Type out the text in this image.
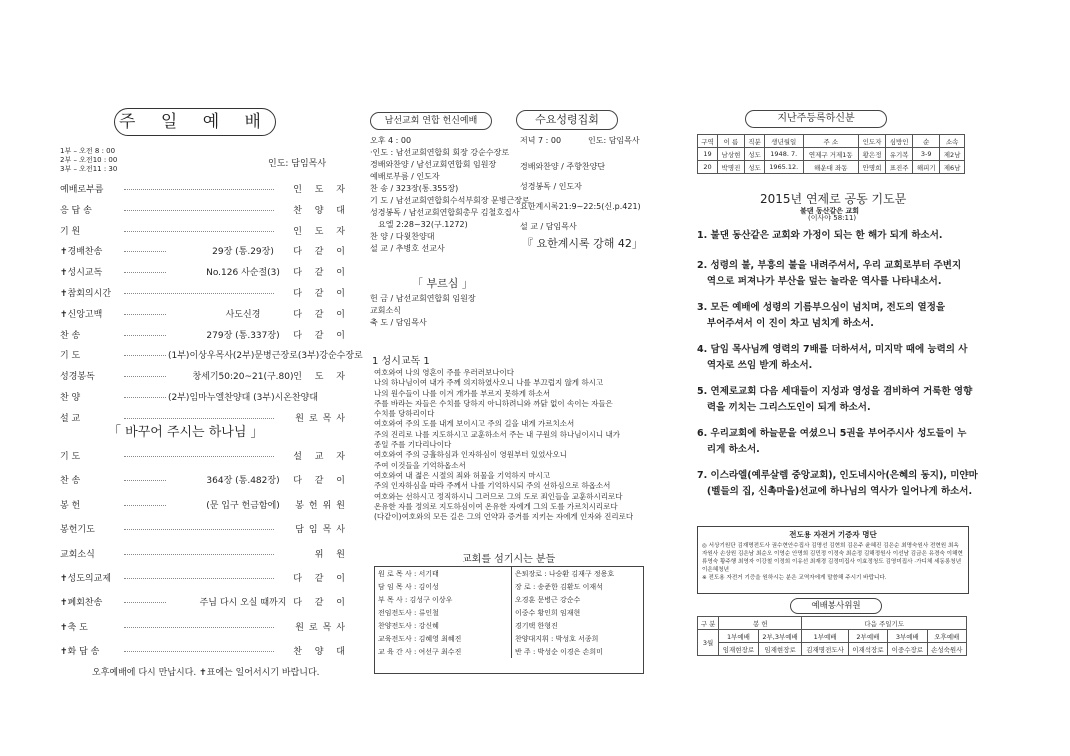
주 일 예 배
1부 – 오전 8 : 00
2부 – 오전10 : 00
3부 – 오전11 : 30	인도: 담임목사
예배로부름	인 도 자
응 답 송	찬 양 대
기 원	인 도 자
✝경배찬송	29장 (통.29장)	다 같 이
✝성시교독	No.126 사순절(3)	다 같 이
✝참회의시간	다 같 이
✝신앙고백	사도신경	다 같 이
찬 송	279장 (통.337장)	다 같 이
기 도	(1부)이상우목사(2부)문병근장로(3부)강순수장로
성경봉독	창세기50:20~21(구.80) 인 도 자
찬 양	(2부)임마누엘찬양대 (3부)시온찬양대
설 교	원로목사
「 바꾸어 주시는 하나님 」
기 도	설 교 자
찬 송	364장 (통.482장)	다 같 이
봉 헌	(문 입구 헌금함에)	봉헌위원
봉헌기도	담임목사
교회소식	위 원
✝성도의교제	다 같 이
✝폐회찬송	주님 다시 오실 때까지 다 같 이
✝축 도	원로목사
✝화 답 송	찬 양 대
오후예배에 다시 만납시다. ✝표에는 일어서시기 바랍니다.
남선교회 연합 헌신예배	수요성령집회
오후 4 : 00
·인도 : 남선교회연합회 회장 강순수장로
경배와찬양 / 남선교회연합회 임원장
예배로부름 / 인도자
찬 송 / 323장(통.355장)
기 도 / 남선교회연합회수석부회장 문병근장로
성경봉독 / 남선교회연합회총무 김철호집사
요엘 2:28~32(구.1272)
찬 양 / 다윗찬양대
설 교 / 추병호 선교사
「 부르심 」
헌 금 / 남선교회연합회 임원장
교회소식
축 도 / 담임목사
저녁 7 : 00	인도: 담임목사
경배와찬양 / 주향찬양단
성경봉독 / 인도자
요한계시록21:9~22:5(신.p.421)
설 교 / 담임목사
『 요한계시록 강해 42」
1 성시교독 1
여호와여 나의 영혼이 주를 우러러보나이다
나의 하나님이여 내가 주께 의지하였사오니 나를 부끄럽지 않게 하시고
나의 원수들이 나를 이겨 개가를 부르지 못하게 하소서
주를 바라는 자들은 수치를 당하지 아니하려니와 까닭 없이 속이는 자들은
수치를 당하리이다
여호와여 주의 도를 내게 보이시고 주의 길을 내게 가르치소서
주의 진리로 나를 지도하시고 교훈하소서 주는 내 구원의 하나님이시니 내가
종일 주를 기다리나이다
여호와여 주의 긍휼하심과 인자하심이 영원부터 있었사오니
주여 이것들을 기억하옵소서
여호와여 내 젊은 시절의 죄와 허물을 기억하지 마시고
주의 인자하심을 따라 주께서 나를 기억하시되 주의 선하심으로 하옵소서
여호와는 선하시고 정직하시니 그러므로 그의 도로 죄인들을 교훈하시리로다
온유한 자를 정의로 지도하심이여 온유한 자에게 그의 도를 가르치시리로다
(다같이)여호와의 모든 길은 그의 언약과 증거를 지키는 자에게 인자와 진리로다
교회를 섬기시는 분들
원 로 목 사 : 서기태	은퇴장로 : 나승환 김재구 정용호
담 임 목 사 : 김이성	장 로 : 송준한 김환도 이재석
부 목 사 : 김성구 이상우	오경훈 문병근 강순수
전임전도사 : 류인철	이중수 황인희 임재현
찬양전도사 : 강신혜	경기택 한형진
교육전도사 : 김혜영 최혜진	찬양대지휘 : 박성호 서종희
교 육 간 사 : 여선구 최수진	반 주 : 박성순 이경은 손희미
지난주등록하신분
구역	이 름	직분	생년월일	주 소	인도자	심방인	순	소속
19	남상현	성도	1948. 7.	연제구 거제1동	황은정	유기복	3-9	제2남
20	박명진	성도	1965.12.	해운대 좌동	안명희	표진주	해피기	제6남
2015년 연제로 공동 기도문
불댄 동산같은 교회
(이사야 58:11)
1. 불댄 동산같은 교회와 가정이 되는 한 해가 되게 하소서.
2. 성령의 불, 부흥의 불을 내려주셔서, 우리 교회로부터 주변지
역으로 퍼져나가 부산을 덮는 놀라운 역사를 나타내소서.
3. 모든 예배에 성령의 기름부으심이 넘치며, 전도의 열정을
부어주셔서 이 진이 차고 넘치게 하소서.
4. 담임 목사님께 영력의 7배를 더하셔서, 미지막 때에 능력의 사
역자로 쓰임 받게 하소서.
5. 연제로교회 다음 세대들이 지성과 영성을 겸비하여 거룩한 영향
력을 끼치는 그리스도인이 되게 하소서.
6. 우리교회에 하늘문을 여셨으니 5권을 부어주시사 성도들이 누
리게 하소서.
7. 이스라엘(예루살렘 중앙교회), 인도네시아(은혜의 동지), 미얀마
(벨들의 집, 신촉마을)선교에 하나님의 역사가 일어나게 하소서.
전도용 자전거 기증자 명단
◎ 서상기원단 김재명전도사 권수현안수집사 김명선 김현희 김은주 윤혜진 김은순 최명숙원사 전현원 최옥자원사 손상원 김은남 최순오 이영순 안명희 김민정 이정숙 최순정 김해정원사 이선남 김금은 유경숙 이해현 류영숙 황주행 최영자 이강철 이정희 이유선 최재경 김정미집사 이효정청도 김영미집사 ·가디체 세동롱청년 이은혜청년
※ 전도용 자전거 기증을 원하시는 분은 교역자에게 말씀해 주시기 바랍니다.
예배봉사위원
구 분	봉 헌		다음 주일기도			
3월	1부예배	2부,3부예배	1부예배	2부예배	3부예배	오후예배
	임재현장로	임재현장로	김재명전도사	이재석장로	이중수장로	손성숙원사
